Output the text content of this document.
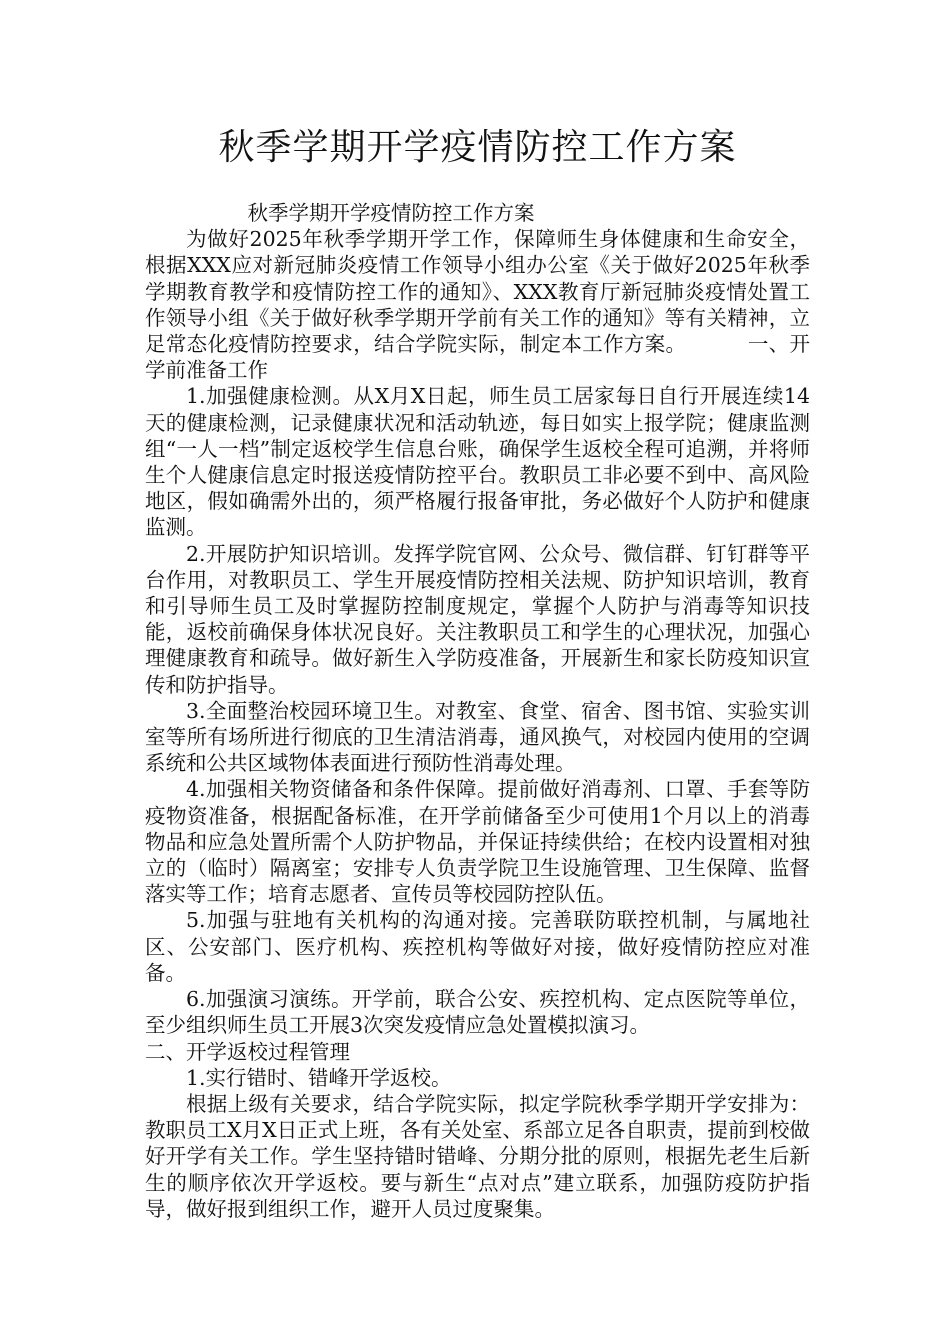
秋季学期开学疫情防控工作方案

秋季学期开学疫情防控工作方案

为做好2025年秋季学期开学工作，保障师生身体健康和生命安全，根据XXX应对新冠肺炎疫情工作领导小组办公室《关于做好2025年秋季学期教育教学和疫情防控工作的通知》、XXX教育厅新冠肺炎疫情处置工作领导小组《关于做好秋季学期开学前有关工作的通知》等有关精神，立足常态化疫情防控要求，结合学院实际，制定本工作方案。	一、开学前准备工作

1.加强健康检测。从X月X日起，师生员工居家每日自行开展连续14天的健康检测，记录健康状况和活动轨迹，每日如实上报学院；健康监测组“一人一档”制定返校学生信息台账，确保学生返校全程可追溯，并将师生个人健康信息定时报送疫情防控平台。教职员工非必要不到中、高风险地区，假如确需外出的，须严格履行报备审批，务必做好个人防护和健康监测。

2.开展防护知识培训。发挥学院官网、公众号、微信群、钉钉群等平台作用，对教职员工、学生开展疫情防控相关法规、防护知识培训，教育和引导师生员工及时掌握防控制度规定，掌握个人防护与消毒等知识技能，返校前确保身体状况良好。关注教职员工和学生的心理状况，加强心理健康教育和疏导。做好新生入学防疫准备，开展新生和家长防疫知识宣传和防护指导。

3.全面整治校园环境卫生。对教室、食堂、宿舍、图书馆、实验实训室等所有场所进行彻底的卫生清洁消毒，通风换气，对校园内使用的空调系统和公共区域物体表面进行预防性消毒处理。

4.加强相关物资储备和条件保障。提前做好消毒剂、口罩、手套等防疫物资准备，根据配备标准，在开学前储备至少可使用1个月以上的消毒物品和应急处置所需个人防护物品，并保证持续供给；在校内设置相对独立的（临时）隔离室；安排专人负责学院卫生设施管理、卫生保障、监督落实等工作；培育志愿者、宣传员等校园防控队伍。

5.加强与驻地有关机构的沟通对接。完善联防联控机制，与属地社区、公安部门、医疗机构、疾控机构等做好对接，做好疫情防控应对准备。

6.加强演习演练。开学前，联合公安、疾控机构、定点医院等单位，至少组织师生员工开展3次突发疫情应急处置模拟演习。

二、开学返校过程管理

1.实行错时、错峰开学返校。

根据上级有关要求，结合学院实际，拟定学院秋季学期开学安排为：教职员工X月X日正式上班，各有关处室、系部立足各自职责，提前到校做好开学有关工作。学生坚持错时错峰、分期分批的原则，根据先老生后新生的顺序依次开学返校。要与新生“点对点”建立联系，加强防疫防护指导，做好报到组织工作，避开人员过度聚集。
